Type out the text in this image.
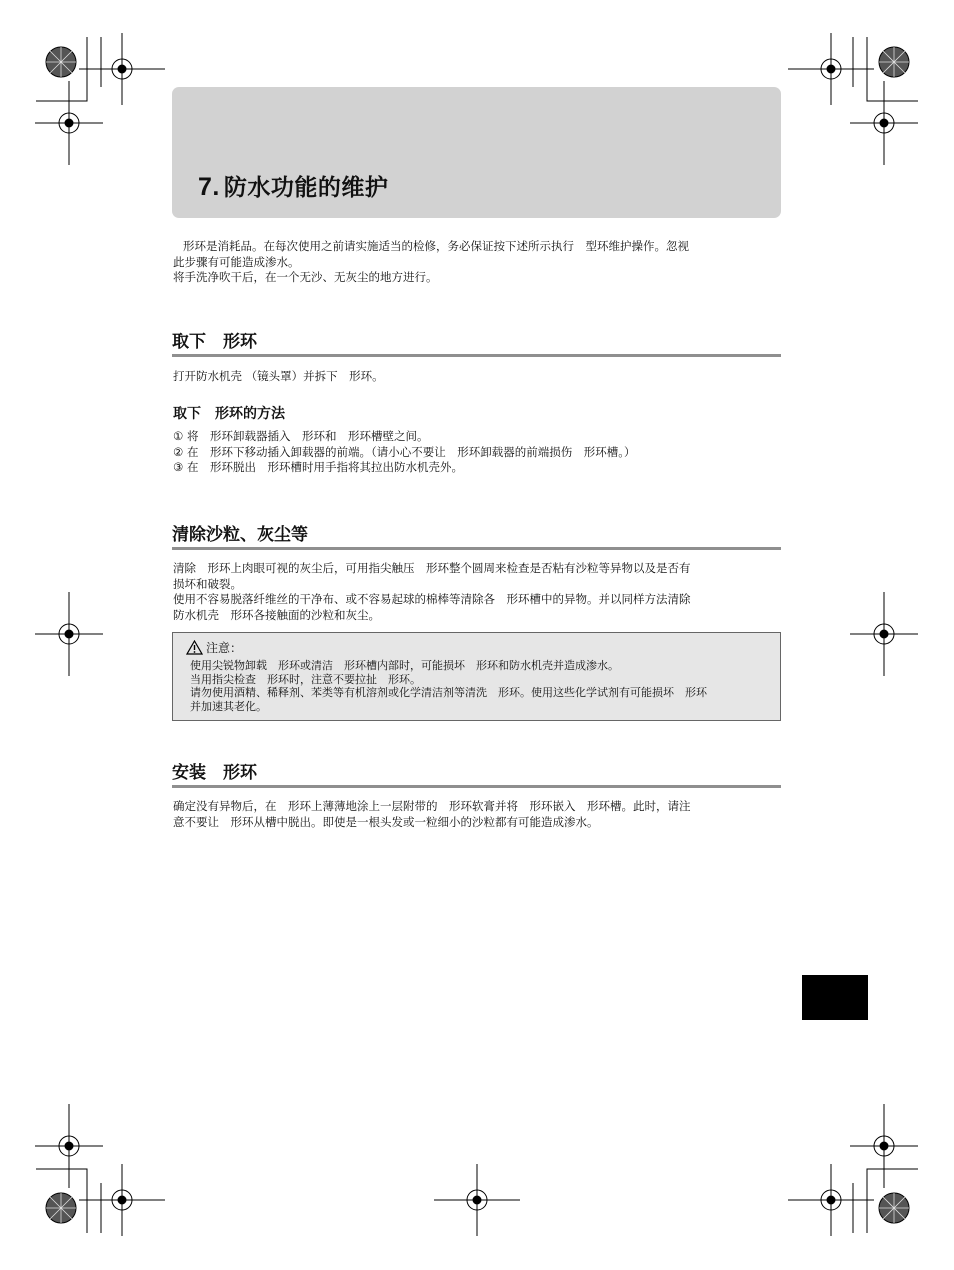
7. 防水功能的维护

形环是消耗品。在每次使用之前请实施适当的检修，务必保证按下述所示执行　型环维护操作。忽视

此步骤有可能造成渗水。

将手洗净吹干后，在一个无沙、无灰尘的地方进行。

取下　形环

打开防水机壳 （镜头罩）并拆下　形环。

取下　形环的方法

① 将　形环卸载器插入　形环和　形环槽壁之间。

② 在　形环下移动插入卸载器的前端。（请小心不要让　形环卸载器的前端损伤　形环槽。）

③ 在　形环脱出　形环槽时用手指将其拉出防水机壳外。

清除沙粒、灰尘等

清除　形环上肉眼可视的灰尘后，可用指尖触压　形环整个圆周来检查是否粘有沙粒等异物以及是否有

损坏和破裂。

使用不容易脱落纤维丝的干净布、或不容易起球的棉棒等清除各　形环槽中的异物。并以同样方法清除

防水机壳　形环各接触面的沙粒和灰尘。

注意：

使用尖锐物卸载　形环或清洁　形环槽内部时，可能损坏　形环和防水机壳并造成渗水。

当用指尖检查　形环时，注意不要拉扯　形环。

请勿使用酒精、稀释剂、苯类等有机溶剂或化学清洁剂等清洗　形环。使用这些化学试剂有可能损坏　形环

并加速其老化。

安装　形环

确定没有异物后，在　形环上薄薄地涂上一层附带的　形环软膏并将　形环嵌入　形环槽。此时，请注

意不要让　形环从槽中脱出。即使是一根头发或一粒细小的沙粒都有可能造成渗水。
